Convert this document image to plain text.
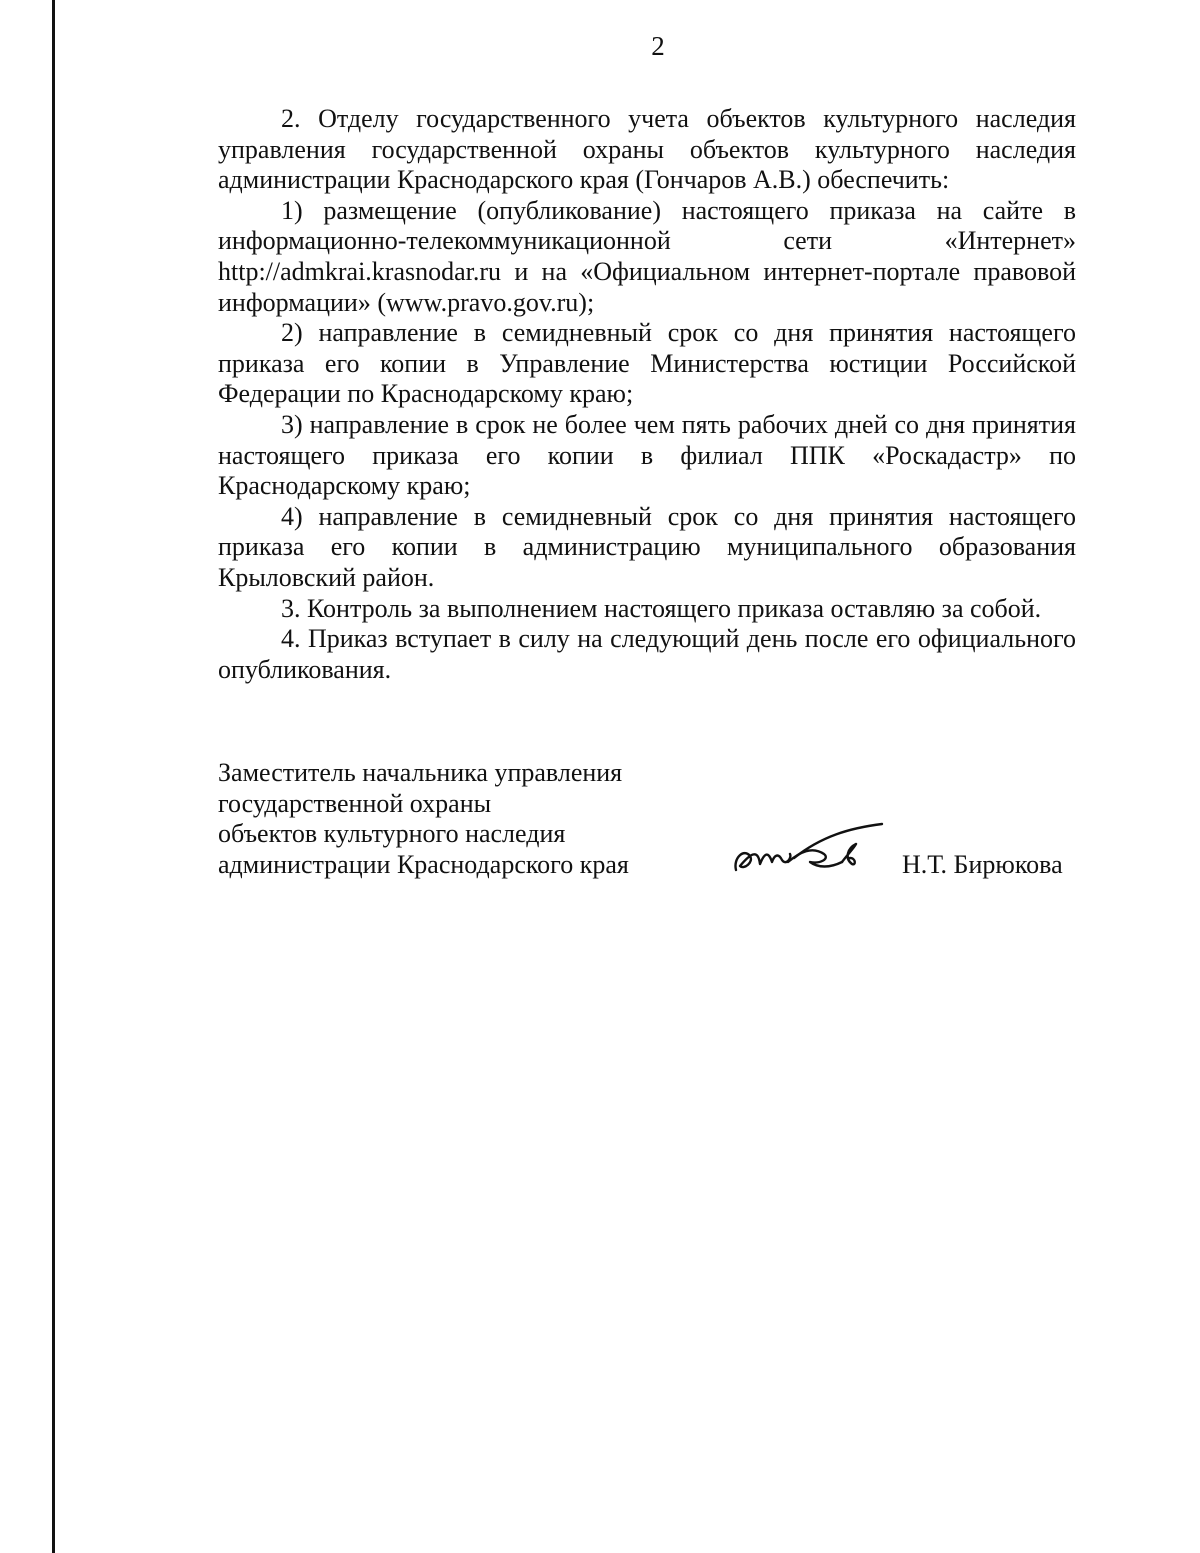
2

2. Отделу государственного учета объектов культурного наследия управления государственной охраны объектов культурного наследия администрации Краснодарского края (Гончаров А.В.) обеспечить:

1) размещение (опубликование) настоящего приказа на сайте в информационно-телекоммуникационной сети «Интернет» http://admkrai.krasnodar.ru и на «Официальном интернет-портале правовой информации» (www.pravo.gov.ru);

2) направление в семидневный срок со дня принятия настоящего приказа его копии в Управление Министерства юстиции Российской Федерации по Краснодарскому краю;

3) направление в срок не более чем пять рабочих дней со дня принятия настоящего приказа его копии в филиал ППК «Роскадастр» по Краснодарскому краю;

4) направление в семидневный срок со дня принятия настоящего приказа его копии в администрацию муниципального образования Крыловский район.

3. Контроль за выполнением настоящего приказа оставляю за собой.

4. Приказ вступает в силу на следующий день после его официального опубликования.

Заместитель начальника управления
государственной охраны
объектов культурного наследия
администрации Краснодарского края	Н.Т. Бирюкова
